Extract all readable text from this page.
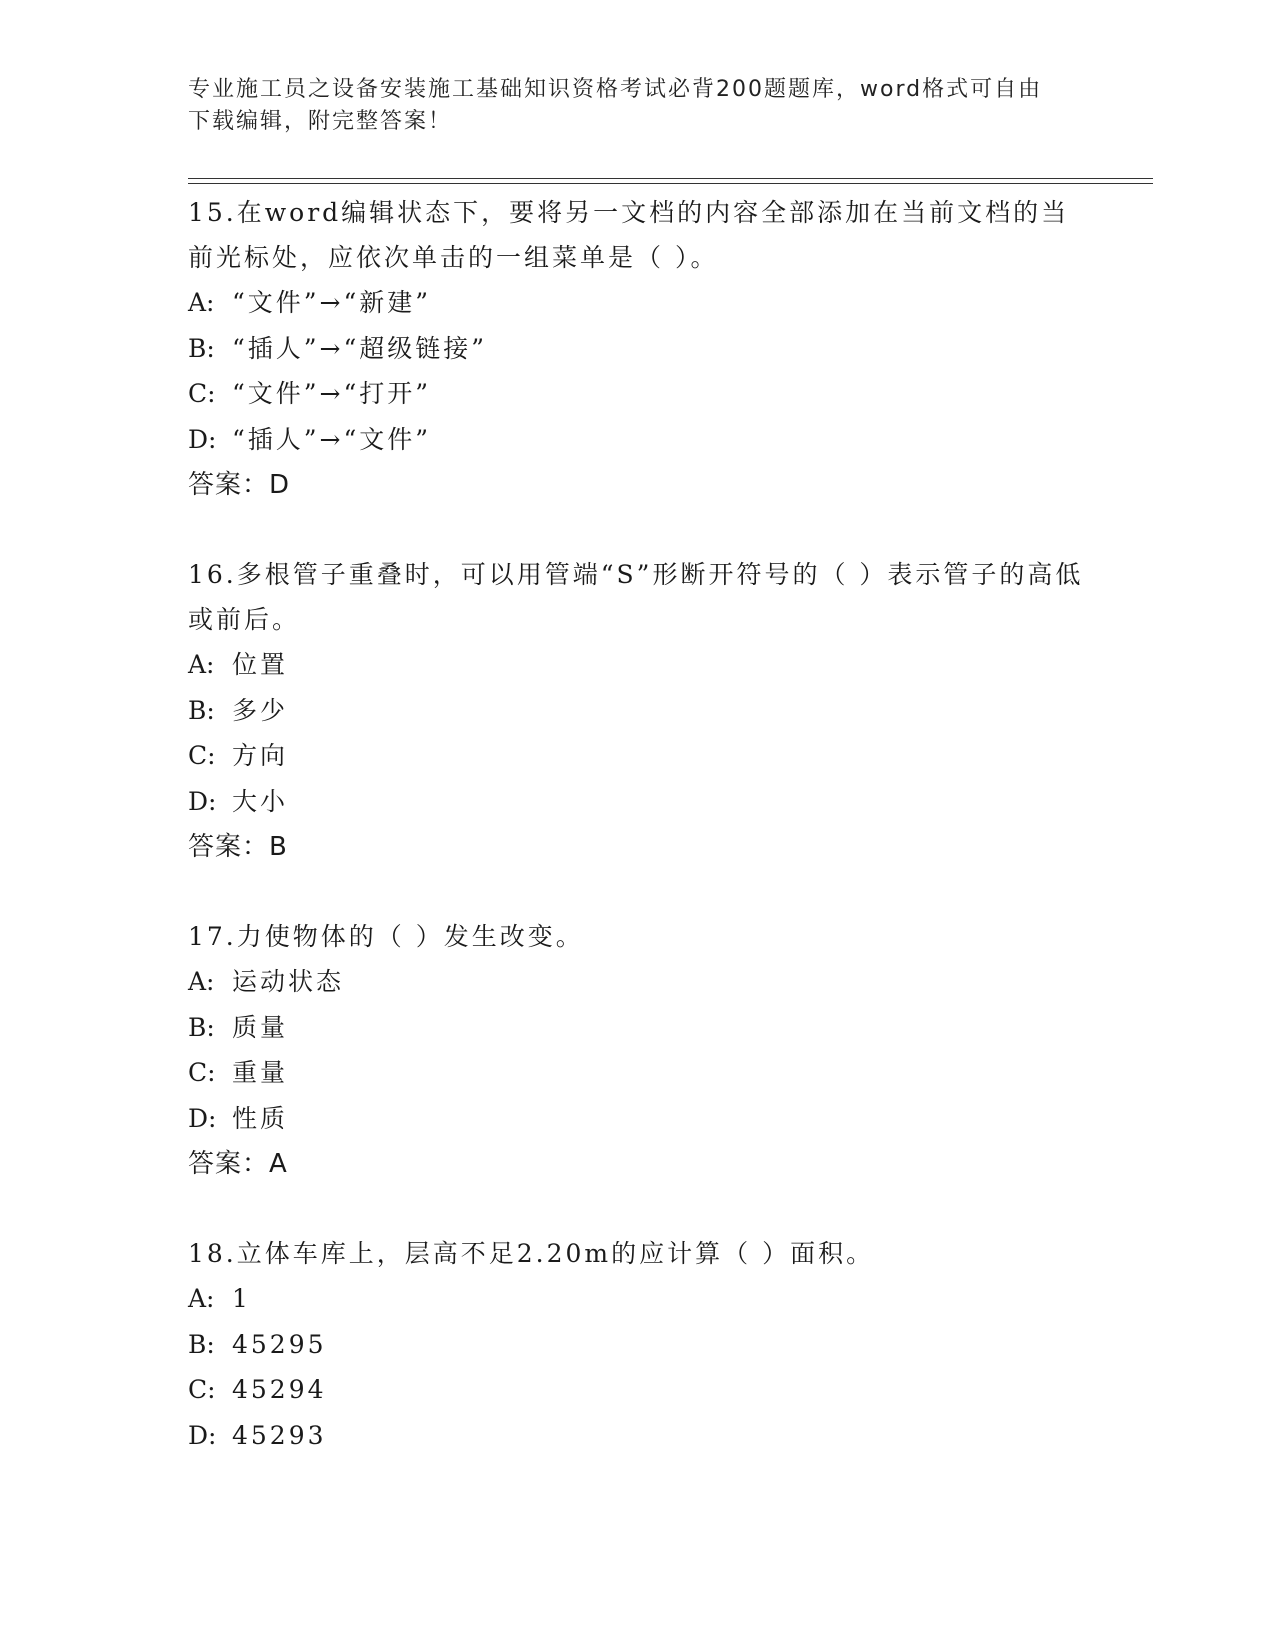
专业施工员之设备安装施工基础知识资格考试必背200题题库，word格式可自由
下载编辑，附完整答案！
15.在word编辑状态下，要将另一文档的内容全部添加在当前文档的当前光标处，应依次单击的一组菜单是（ ）。
A: “文件”→“新建”
B: “插人”→“超级链接”
C: “文件”→“打开”
D: “插人”→“文件”
答案：D
16.多根管子重叠时，可以用管端“S”形断开符号的（ ）表示管子的高低或前后。
A: 位置
B: 多少
C: 方向
D: 大小
答案：B
17.力使物体的（ ）发生改变。
A: 运动状态
B: 质量
C: 重量
D: 性质
答案：A
18.立体车库上，层高不足2.20m的应计算（ ）面积。
A: 1
B: 45295
C: 45294
D: 45293
